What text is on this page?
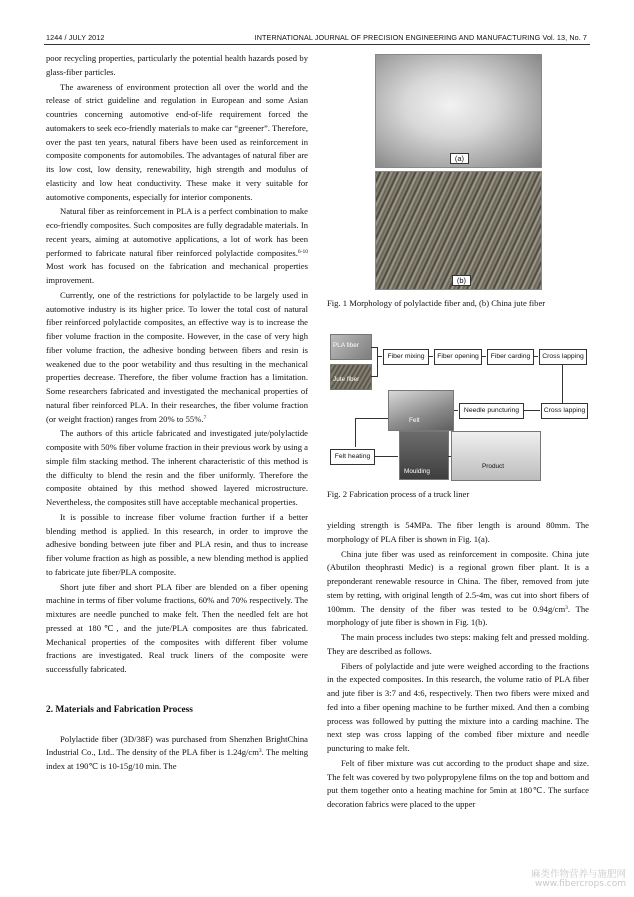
1244 / JULY 2012	INTERNATIONAL JOURNAL OF PRECISION ENGINEERING AND MANUFACTURING Vol. 13, No. 7

poor recycling properties, particularly the potential health hazards posed by glass-fiber particles.

The awareness of environment protection all over the world and the release of strict guideline and regulation in European and some Asian countries concerning automotive end-of-life requirement forced the automakers to seek eco-friendly materials to make car “greener”. Therefore, over the past ten years, natural fibers have been used as reinforcement in composite components for automobiles. The advantages of natural fiber are its low cost, low density, renewability, high strength and modulus of elasticity and low heat conductivity. These make it very suitable for automotive components, especially for interior components.

Natural fiber as reinforcement in PLA is a perfect combination to make eco-friendly composites. Such composites are fully degradable materials. In recent years, aiming at automotive applications, a lot of work has been performed to fabricate natural fiber reinforced polylactide composites.$^{6-10}$ Most work has focused on the fabrication and mechanical properties improvement.

Currently, one of the restrictions for polylactide to be largely used in automotive industry is its higher price. To lower the total cost of natural fiber reinforced polylactide composites, an effective way is to increase the fiber volume fraction in the composite. However, in the case of very high fiber volume fraction, the adhesive bonding between fibers and resin is weakened due to the poor wetability and thus resulting in the mechanical properties decrease. Therefore, the fiber volume fraction has a limitation. Some researchers fabricated and investigated the mechanical properties of natural fiber reinforced PLA. In their researches, the fiber volume fraction (or weight fraction) ranges from 20% to 55%.$^7$

The authors of this article fabricated and investigated jute/polylactide composite with 50% fiber volume fraction in their previous work by using a simple film stacking method. The inherent characteristic of this method is the difficulty to blend the resin and the fiber uniformly. Therefore the composite obtained by this method showed layered microstructure. Nevertheless, the composites still have acceptable mechanical properties.

It is possible to increase fiber volume fraction further if a better blending method is applied. In this research, in order to improve the adhesive bonding between jute fiber and PLA resin, and thus to increase fiber volume fraction as high as possible, a new blending method is applied to fabricate jute fiber/PLA composite.

Short jute fiber and short PLA fiber are blended on a fiber opening machine in terms of fiber volume fractions, 60% and 70% respectively. The mixtures are needle punched to make felt. Then the needled felt are hot pressed at 180℃, and the jute/PLA composites are thus fabricated. Mechanical properties of the composites with different fiber volume fractions are investigated. Real truck liners of the composite were successfully fabricated.

2. Materials and Fabrication Process

Polylactide fiber (3D/38F) was purchased from Shenzhen BrightChina Industrial Co., Ltd.. The density of the PLA fiber is $1.24g/cm^3$. The melting index at 190℃ is 10-15g/10 min. The

(a)
(b)
Fig. 1 Morphology of polylactide fiber and, (b) China jute fiber
PLA fiber
Jute fiber
Fiber mixing	Fiber opening	Fiber carding	Cross lapping
Cross lapping
Needle puncturing
Felt
Felt heating
Moulding
Product
Fig. 2 Fabrication process of a truck liner

yielding strength is 54MPa. The fiber length is around 80mm. The morphology of PLA fiber is shown in Fig. 1(a).

China jute fiber was used as reinforcement in composite. China jute (Abutilon theophrasti Medic) is a regional grown fiber plant. It is a preponderant renewable resource in China. The fiber, removed from jute stem by retting, with original length of 2.5-4m, was cut into short fibers of 100mm. The density of the fiber was tested to be $0.94g/cm^3$. The morphology of jute fiber is shown in Fig. 1(b).

The main process includes two steps: making felt and pressed molding. They are described as follows.

Fibers of polylactide and jute were weighed according to the fractions in the expected composites. In this research, the volume ratio of PLA fiber and jute fiber is 3:7 and 4:6, respectively. Then two fibers were mixed and fed into a fiber opening machine to be further mixed. And then a combing process was followed by putting the mixture into a carding machine. The next step was cross lapping of the combed fiber mixture and needle puncturing to make felt.

Felt of fiber mixture was cut according to the product shape and size. The felt was covered by two polypropylene films on the top and bottom and put them together onto a heating machine for 5min at 180℃. The surface decoration fabrics were placed to the upper

麻类作物营养与施肥网
www.fibercrops.com
